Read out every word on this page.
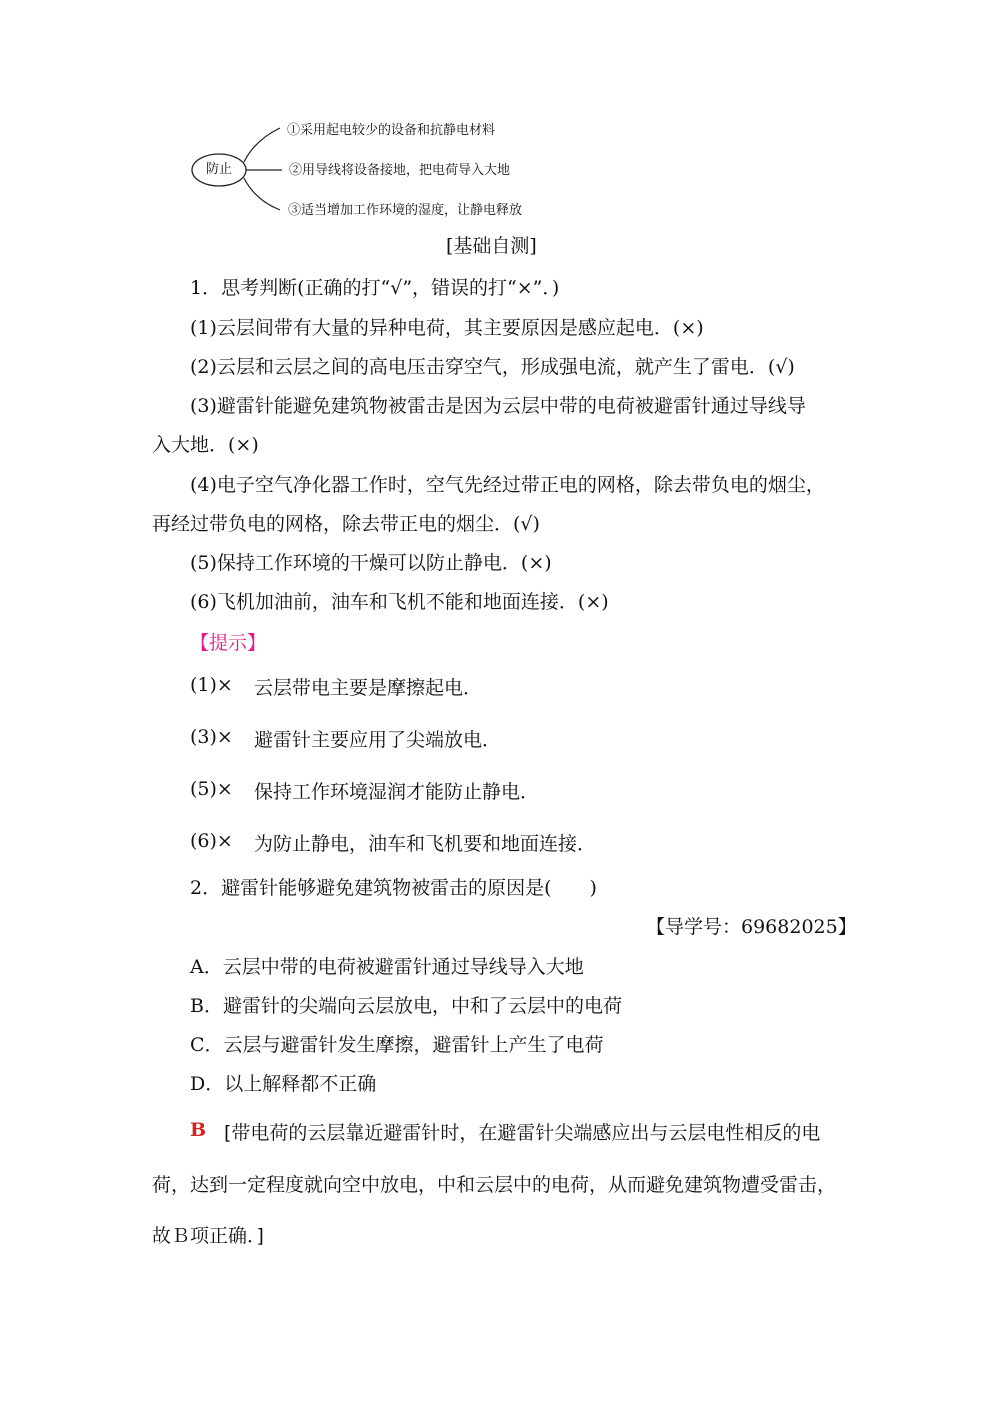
防止
①采用起电较少的设备和抗静电材料
②用导线将设备接地，把电荷导入大地
③适当增加工作环境的湿度，让静电释放
[基础自测]
1．思考判断(正确的打“√”，错误的打“×”．)
(1)云层间带有大量的异种电荷，其主要原因是感应起电．(×)
(2)云层和云层之间的高电压击穿空气，形成强电流，就产生了雷电．(√)
(3)避雷针能避免建筑物被雷击是因为云层中带的电荷被避雷针通过导线导
入大地．(×)
(4)电子空气净化器工作时，空气先经过带正电的网格，除去带负电的烟尘，
再经过带负电的网格，除去带正电的烟尘．(√)
(5)保持工作环境的干燥可以防止静电．(×)
(6)飞机加油前，油车和飞机不能和地面连接．(×)
【提示】
(1)× 云层带电主要是摩擦起电．
(3)× 避雷针主要应用了尖端放电．
(5)× 保持工作环境湿润才能防止静电．
(6)× 为防止静电，油车和飞机要和地面连接．
2．避雷针能够避免建筑物被雷击的原因是(　　)
【导学号：69682025】
A．云层中带的电荷被避雷针通过导线导入大地
B．避雷针的尖端向云层放电，中和了云层中的电荷
C．云层与避雷针发生摩擦，避雷针上产生了电荷
D．以上解释都不正确
B [带电荷的云层靠近避雷针时，在避雷针尖端感应出与云层电性相反的电
荷，达到一定程度就向空中放电，中和云层中的电荷，从而避免建筑物遭受雷击，
故Ｂ项正确．]
